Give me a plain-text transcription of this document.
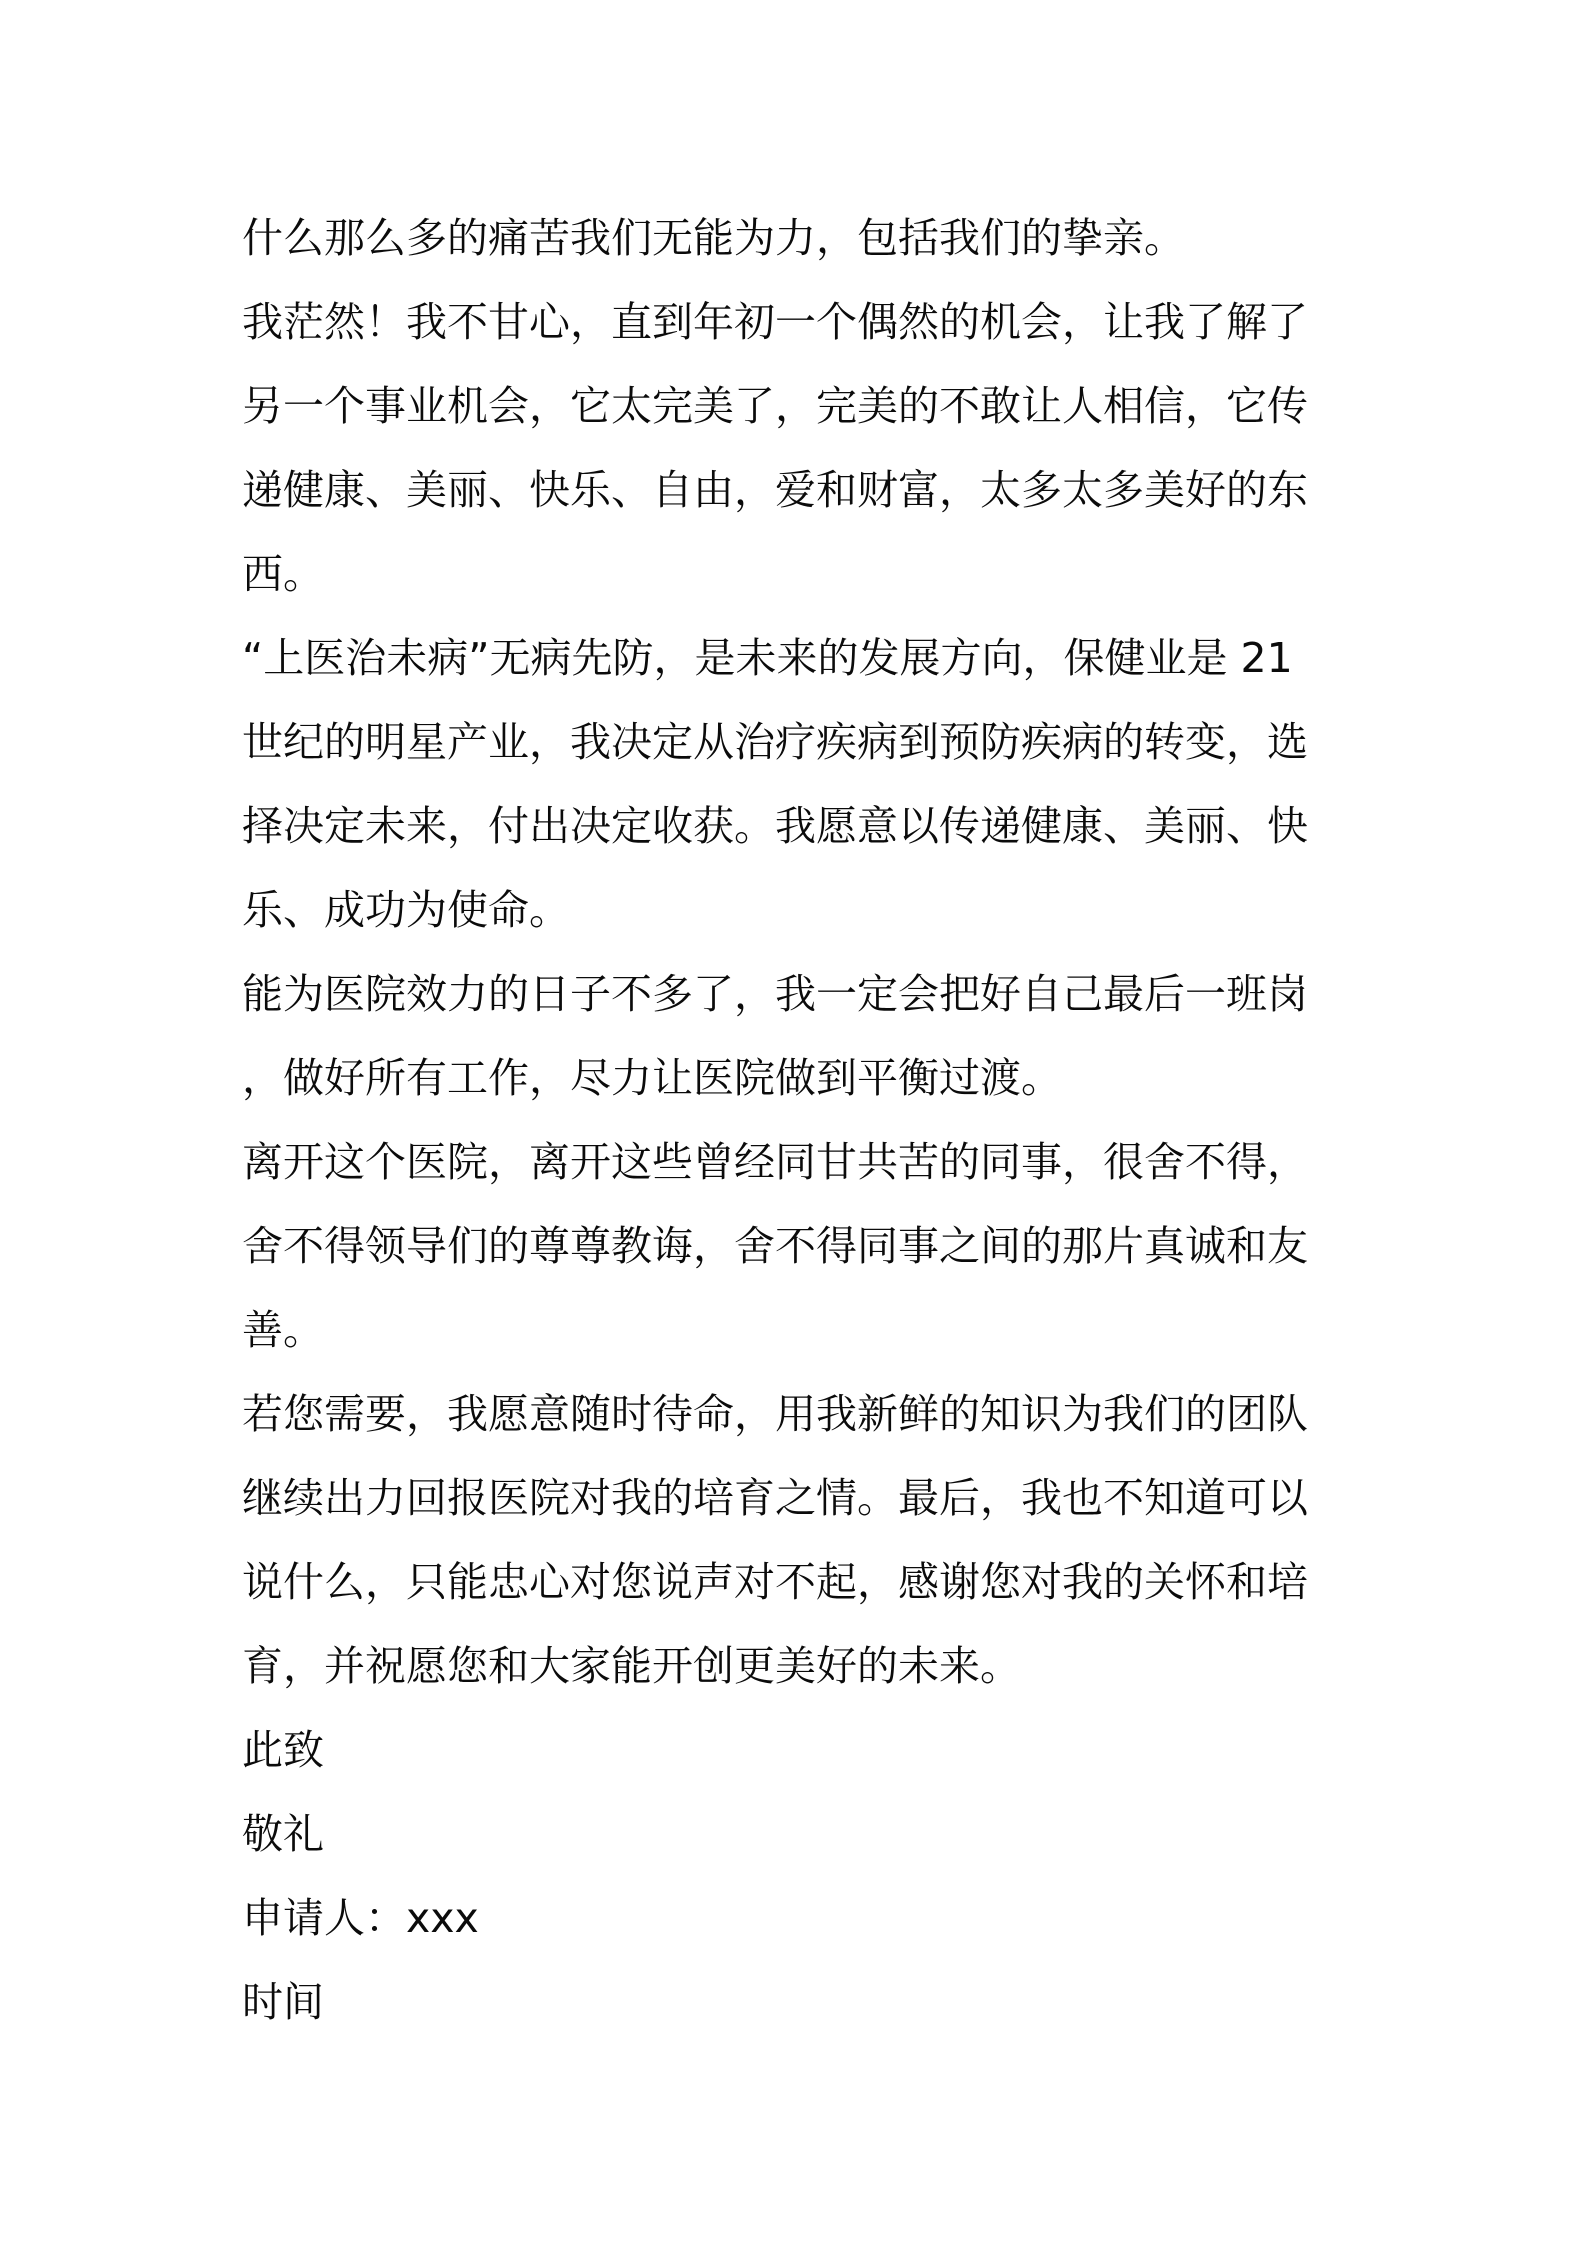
什么那么多的痛苦我们无能为力，包括我们的挚亲。
我茫然！我不甘心，直到年初一个偶然的机会，让我了解了
另一个事业机会，它太完美了，完美的不敢让人相信，它传
递健康、美丽、快乐、自由，爱和财富，太多太多美好的东
西。
“上医治未病”无病先防，是未来的发展方向，保健业是 21
世纪的明星产业，我决定从治疗疾病到预防疾病的转变，选
择决定未来，付出决定收获。我愿意以传递健康、美丽、快
乐、成功为使命。
能为医院效力的日子不多了，我一定会把好自己最后一班岗
，做好所有工作，尽力让医院做到平衡过渡。
离开这个医院，离开这些曾经同甘共苦的同事，很舍不得，
舍不得领导们的尊尊教诲，舍不得同事之间的那片真诚和友
善。
若您需要，我愿意随时待命，用我新鲜的知识为我们的团队
继续出力回报医院对我的培育之情。最后，我也不知道可以
说什么，只能忠心对您说声对不起，感谢您对我的关怀和培
育，并祝愿您和大家能开创更美好的未来。
此致
敬礼
申请人：xxx
时间
